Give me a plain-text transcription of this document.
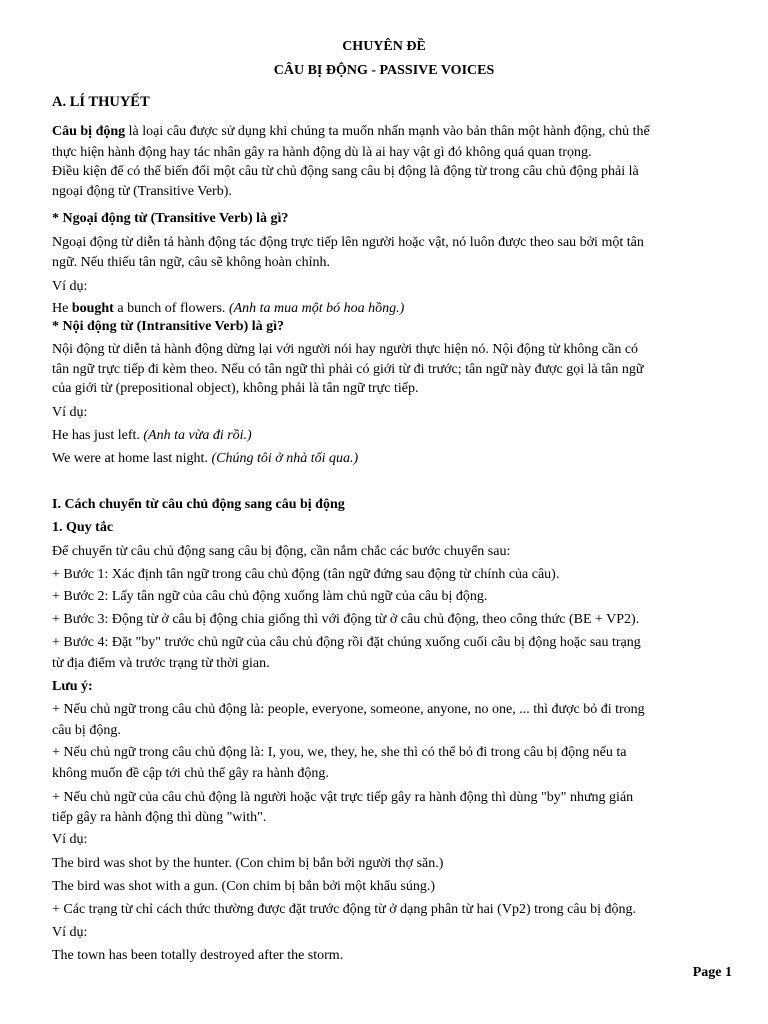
CHUYÊN ĐỀ
CÂU BỊ ĐỘNG - PASSIVE VOICES
A. LÍ THUYẾT
Câu bị động là loại câu được sử dụng khi chúng ta muốn nhấn mạnh vào bản thân một hành động, chủ thể
thực hiện hành động hay tác nhân gây ra hành động dù là ai hay vật gì đó không quá quan trọng.
Điều kiện để có thể biến đổi một câu từ chủ động sang câu bị động là động từ trong câu chủ động phải là
ngoại động từ (Transitive Verb).
* Ngoại động từ (Transitive Verb) là gì?
Ngoại động từ diễn tả hành động tác động trực tiếp lên người hoặc vật, nó luôn được theo sau bởi một tân
ngữ. Nếu thiếu tân ngữ, câu sẽ không hoàn chỉnh.
Ví dụ:
He bought a bunch of flowers. (Anh ta mua một bó hoa hồng.)
* Nội động từ (Intransitive Verb) là gì?
Nội động từ diễn tả hành động dừng lại với người nói hay người thực hiện nó. Nội động từ không cần có
tân ngữ trực tiếp đi kèm theo. Nếu có tân ngữ thì phải có giới từ đi trước; tân ngữ này được gọi là tân ngữ
của giới từ (prepositional object), không phải là tân ngữ trực tiếp.
Ví dụ:
He has just left. (Anh ta vừa đi rồi.)
We were at home last night. (Chúng tôi ở nhà tối qua.)
I. Cách chuyển từ câu chủ động sang câu bị động
1. Quy tắc
Để chuyển từ câu chủ động sang câu bị động, cần nắm chắc các bước chuyển sau:
+ Bước 1: Xác định tân ngữ trong câu chủ động (tân ngữ đứng sau động từ chính của câu).
+ Bước 2: Lấy tân ngữ của câu chủ động xuống làm chủ ngữ của câu bị động.
+ Bước 3: Động từ ở câu bị động chia giống thì với động từ ở câu chủ động, theo công thức (BE + VP2).
+ Bước 4: Đặt "by" trước chủ ngữ của câu chủ động rồi đặt chúng xuống cuối câu bị động hoặc sau trạng
từ địa điểm và trước trạng từ thời gian.
Lưu ý:
+ Nếu chủ ngữ trong câu chủ động là: people, everyone, someone, anyone, no one, ... thì được bỏ đi trong
câu bị động.
+ Nếu chủ ngữ trong câu chủ động là: I, you, we, they, he, she thì có thể bỏ đi trong câu bị động nếu ta
không muốn đề cập tới chủ thể gây ra hành động.
+ Nếu chủ ngữ của câu chủ động là người hoặc vật trực tiếp gây ra hành động thì dùng "by" nhưng gián
tiếp gây ra hành động thì dùng "with".
Ví dụ:
The bird was shot by the hunter. (Con chim bị bắn bởi người thợ săn.)
The bird was shot with a gun. (Con chim bị bắn bởi một khẩu súng.)
+ Các trạng từ chỉ cách thức thường được đặt trước động từ ở dạng phân từ hai (Vp2) trong câu bị động.
Ví dụ:
The town has been totally destroyed after the storm.
Page 1
